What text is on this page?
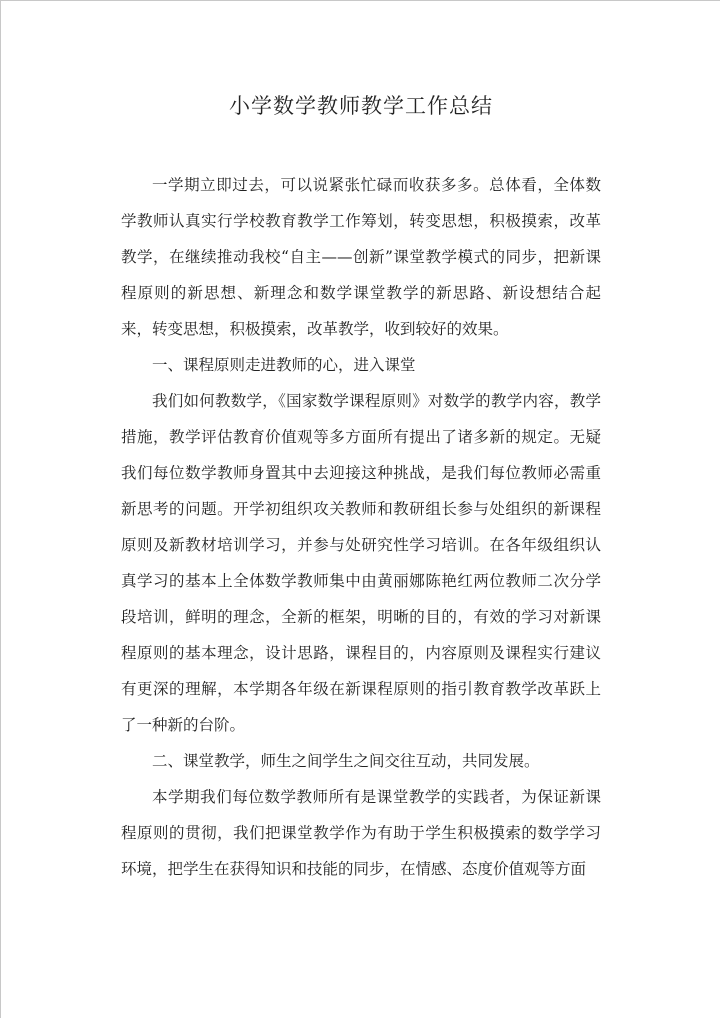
小学数学教师教学工作总结

一学期立即过去，可以说紧张忙碌而收获多多。总体看，全体数学教师认真实行学校教育教学工作筹划，转变思想，积极摸索，改革教学，在继续推动我校“自主——创新”课堂教学模式的同步，把新课程原则的新思想、新理念和数学课堂教学的新思路、新设想结合起来，转变思想，积极摸索，改革教学，收到较好的效果。

一、课程原则走进教师的心，进入课堂

我们如何教数学，《国家数学课程原则》对数学的教学内容，教学措施，教学评估教育价值观等多方面所有提出了诸多新的规定。无疑我们每位数学教师身置其中去迎接这种挑战，是我们每位教师必需重新思考的问题。开学初组织攻关教师和教研组长参与处组织的新课程原则及新教材培训学习，并参与处研究性学习培训。在各年级组织认真学习的基本上全体数学教师集中由黄丽娜陈艳红两位教师二次分学段培训，鲜明的理念，全新的框架，明晰的目的，有效的学习对新课程原则的基本理念，设计思路，课程目的，内容原则及课程实行建议有更深的理解，本学期各年级在新课程原则的指引教育教学改革跃上了一种新的台阶。

二、课堂教学，师生之间学生之间交往互动，共同发展。

本学期我们每位数学教师所有是课堂教学的实践者，为保证新课程原则的贯彻，我们把课堂教学作为有助于学生积极摸索的数学学习环境，把学生在获得知识和技能的同步，在情感、态度价值观等方面
